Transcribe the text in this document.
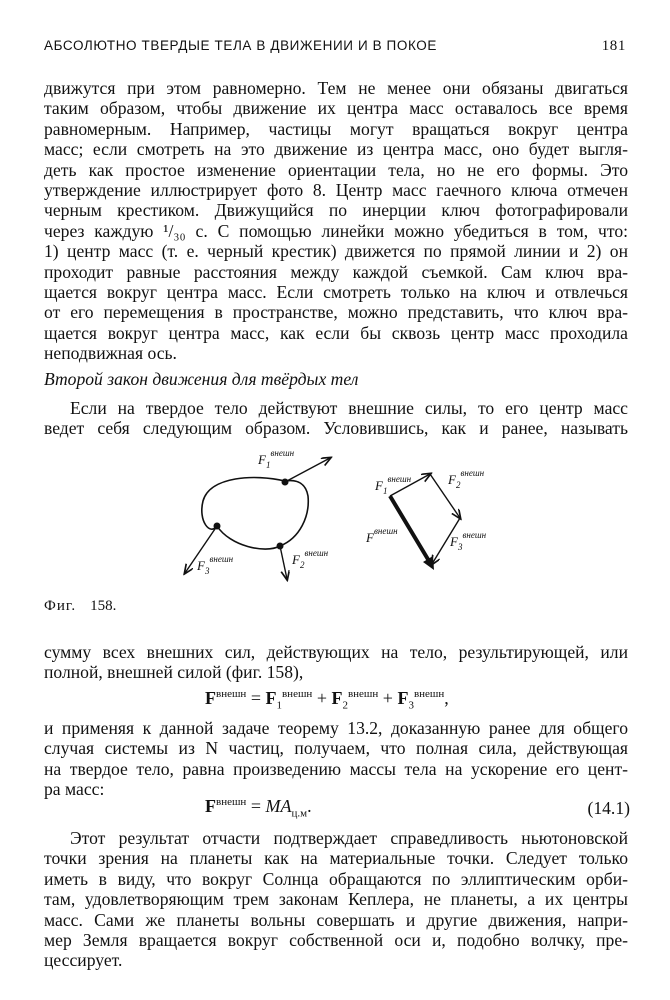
АБСОЛЮТНО ТВЕРДЫЕ ТЕЛА В ДВИЖЕНИИ И В ПОКОЕ	181
движутся при этом равномерно. Тем не менее они обязаны двигаться
таким образом, чтобы движение их центра масс оставалось все время
равномерным. Например, частицы могут вращаться вокруг центра
масс; если смотреть на это движение из центра масс, оно будет выгля-
деть как простое изменение ориентации тела, но не его формы. Это
утверждение иллюстрирует фото 8. Центр масс гаечного ключа отмечен
черным крестиком. Движущийся по инерции ключ фотографировали
через каждую ¹/₃₀ с. С помощью линейки можно убедиться в том, что:
1) центр масс (т. е. черный крестик) движется по прямой линии и 2) он
проходит равные расстояния между каждой съемкой. Сам ключ вра-
щается вокруг центра масс. Если смотреть только на ключ и отвлечься
от его перемещения в пространстве, можно представить, что ключ вра-
щается вокруг центра масс, как если бы сквозь центр масс проходила
неподвижная ось.
Второй закон движения для твёрдых тел
Если на твердое тело действуют внешние силы, то его центр масс
ведет себя следующим образом. Условившись, как и ранее, называть
$F_1^{внешн}$
$F_2^{внешн}$
$F_3^{внешн}$
$F_1^{внешн}$	$F_2^{внешн}$
$F_3^{внешн}$
$F^{внешн}$
Фиг. 158.
сумму всех внешних сил, действующих на тело, результирующей, или
полной, внешней силой (фиг. 158),
$F^{внешн} = F_1^{внешн} + F_2^{внешн} + F_3^{внешн}$,
и применяя к данной задаче теорему 13.2, доказанную ранее для общего
случая системы из N частиц, получаем, что полная сила, действующая
на твердое тело, равна произведению массы тела на ускорение его цент-
ра масс:
$F^{внешн} = MA_{ц.м}$.	(14.1)
Этот результат отчасти подтверждает справедливость ньютоновской
точки зрения на планеты как на материальные точки. Следует только
иметь в виду, что вокруг Солнца обращаются по эллиптическим орби-
там, удовлетворяющим трем законам Кеплера, не планеты, а их центры
масс. Сами же планеты вольны совершать и другие движения, напри-
мер Земля вращается вокруг собственной оси и, подобно волчку, пре-
цессирует.
